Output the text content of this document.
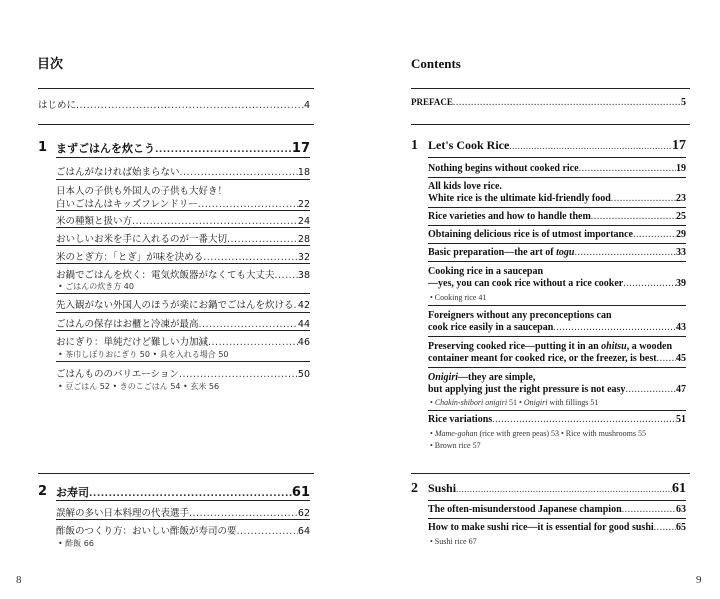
目次
はじめに .....	4
1 まずごはんを炊こう .....	17
ごはんがなければ始まらない .....	18
日本人の子供も外国人の子供も大好き！
白いごはんはキッズフレンドリー .....	22
米の種類と扱い方 .....	24
おいしいお米を手に入れるのが一番大切 .....	28
米のとぎ方：「とぎ」が味を決める .....	32
お鍋でごはんを炊く：電気炊飯器がなくても大丈夫 ..... 38
• ごはんの炊き方 40
先入観がない外国人のほうが楽にお鍋でごはんを炊ける ..... 42
ごはんの保存はお櫃と冷凍が最高 .....	44
おにぎり：単純だけど難しい力加減 .....	46
• 茶巾しぼりおにぎり 50 • 具を入れる場合 50
ごはんもののバリエーション .....	50
• 豆ごはん 52 • きのこごはん 54 • 玄米 56
2 お寿司 .....	61
誤解の多い日本料理の代表選手 .....	62
酢飯のつくり方：おいしい酢飯が寿司の要 .....	64
• 酢飯 66
8
Contents
PREFACE .....	5
1 Let's Cook Rice .....	17
Nothing begins without cooked rice .....	19
All kids love rice.
White rice is the ultimate kid-friendly food .....	23
Rice varieties and how to handle them .....	25
Obtaining delicious rice is of utmost importance .....	29
Basic preparation—the art of togu .....	33
Cooking rice in a saucepan
—yes, you can cook rice without a rice cooker .....	39
• Cooking rice 41
Foreigners without any preconceptions can
cook rice easily in a saucepan .....	43
Preserving cooked rice—putting it in an ohitsu, a wooden
container meant for cooked rice, or the freezer, is best ..... 45
Onigiri—they are simple,
but applying just the right pressure is not easy .....	47
• Chakin-shibori onigiri 51 • Onigiri with fillings 51
Rice variations .....	51
• Mame-gohan (rice with green peas) 53 • Rice with mushrooms 55
• Brown rice 57
2 Sushi .....	61
The often-misunderstood Japanese champion .....	63
How to make sushi rice—it is essential for good sushi ..... 65
• Sushi rice 67
9
